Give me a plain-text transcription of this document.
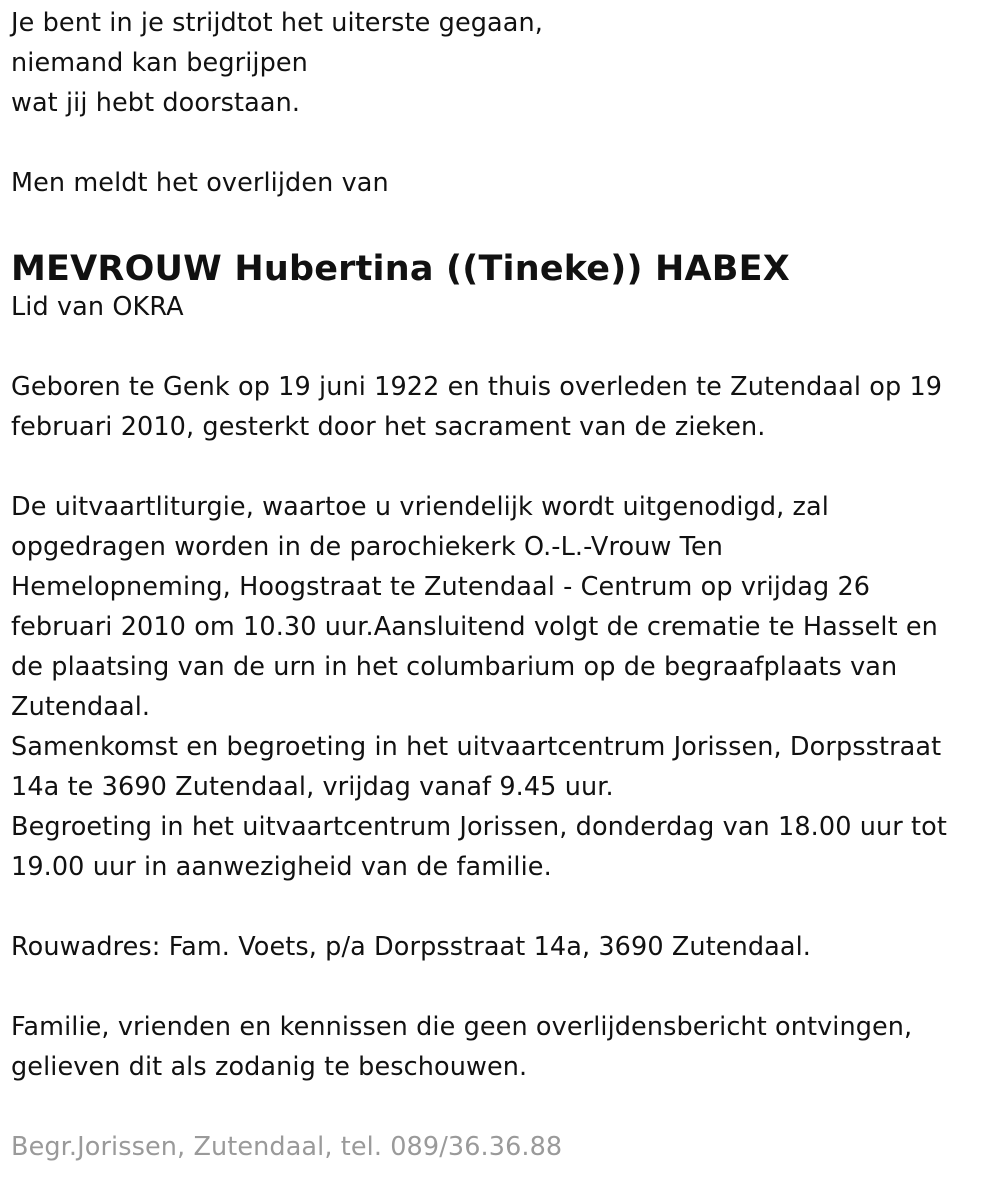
Je bent in je strijdtot het uiterste gegaan,
niemand kan begrijpen
wat jij hebt doorstaan.
Men meldt het overlijden van
MEVROUW Hubertina ((Tineke)) HABEX
Lid van OKRA
Geboren te Genk op 19 juni 1922 en thuis overleden te Zutendaal op 19
februari 2010, gesterkt door het sacrament van de zieken.
De uitvaartliturgie, waartoe u vriendelijk wordt uitgenodigd, zal
opgedragen worden in de parochiekerk O.-L.-Vrouw Ten
Hemelopneming, Hoogstraat te Zutendaal - Centrum op vrijdag 26
februari 2010 om 10.30 uur.Aansluitend volgt de crematie te Hasselt en
de plaatsing van de urn in het columbarium op de begraafplaats van
Zutendaal.
Samenkomst en begroeting in het uitvaartcentrum Jorissen, Dorpsstraat
14a te 3690 Zutendaal, vrijdag vanaf 9.45 uur.
Begroeting in het uitvaartcentrum Jorissen, donderdag van 18.00 uur tot
19.00 uur in aanwezigheid van de familie.
Rouwadres: Fam. Voets, p/a Dorpsstraat 14a, 3690 Zutendaal.
Familie, vrienden en kennissen die geen overlijdensbericht ontvingen,
gelieven dit als zodanig te beschouwen.
Begr.Jorissen, Zutendaal, tel. 089/36.36.88
